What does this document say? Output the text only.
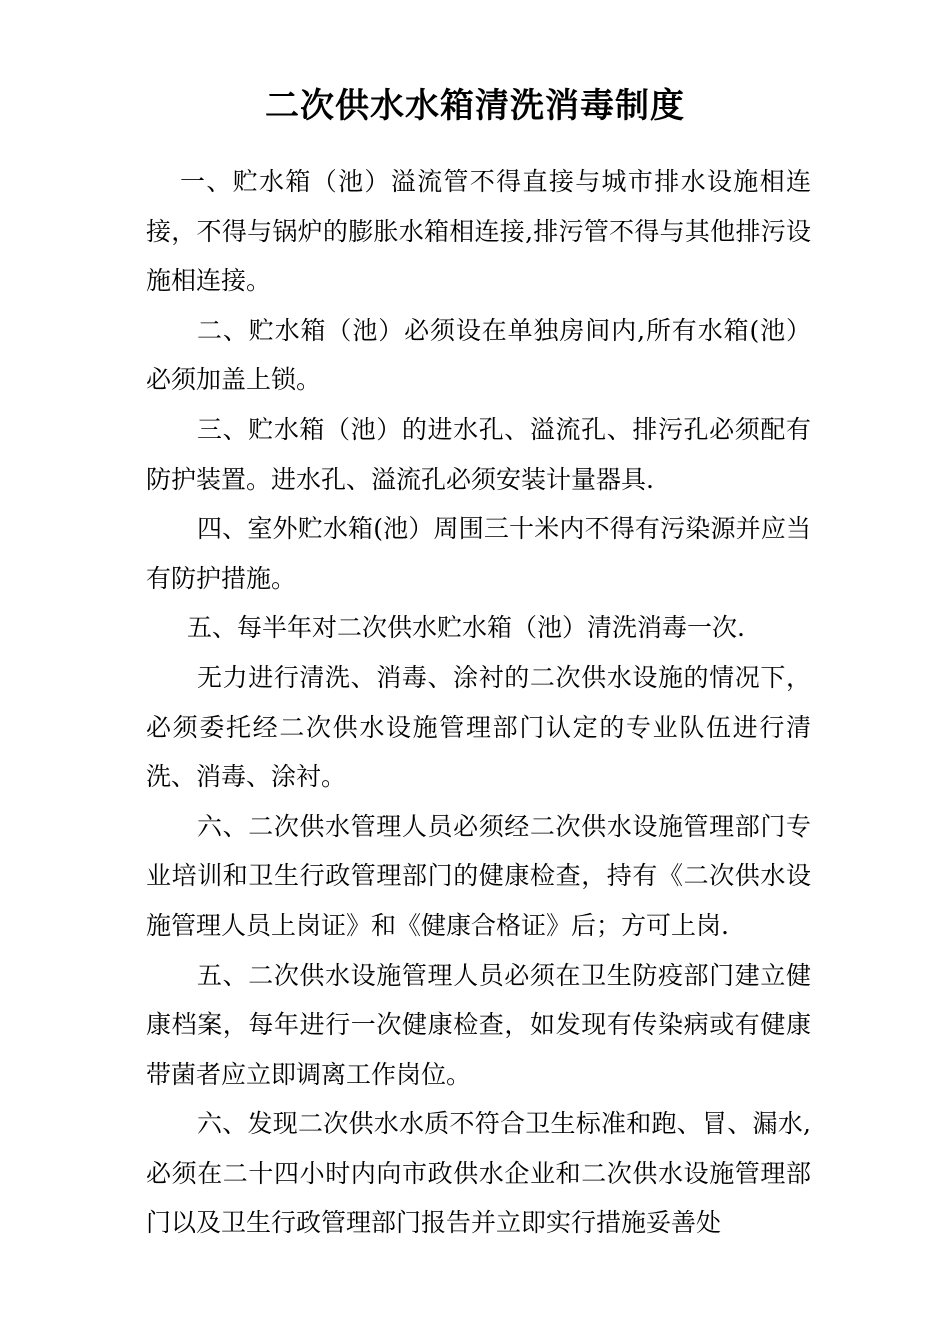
二次供水水箱清洗消毒制度

一、贮水箱（池）溢流管不得直接与城市排水设施相连接，不得与锅炉的膨胀水箱相连接,排污管不得与其他排污设施相连接。

二、贮水箱（池）必须设在单独房间内,所有水箱(池）必须加盖上锁。

三、贮水箱（池）的进水孔、溢流孔、排污孔必须配有防护装置。进水孔、溢流孔必须安装计量器具.

四、室外贮水箱(池）周围三十米内不得有污染源并应当有防护措施。

五、每半年对二次供水贮水箱（池）清洗消毒一次.

无力进行清洗、消毒、涂衬的二次供水设施的情况下，必须委托经二次供水设施管理部门认定的专业队伍进行清洗、消毒、涂衬。

六、二次供水管理人员必须经二次供水设施管理部门专业培训和卫生行政管理部门的健康检查，持有《二次供水设施管理人员上岗证》和《健康合格证》后；方可上岗.

五、二次供水设施管理人员必须在卫生防疫部门建立健康档案，每年进行一次健康检查，如发现有传染病或有健康带菌者应立即调离工作岗位。

六、发现二次供水水质不符合卫生标准和跑、冒、漏水,必须在二十四小时内向市政供水企业和二次供水设施管理部门以及卫生行政管理部门报告并立即实行措施妥善处
